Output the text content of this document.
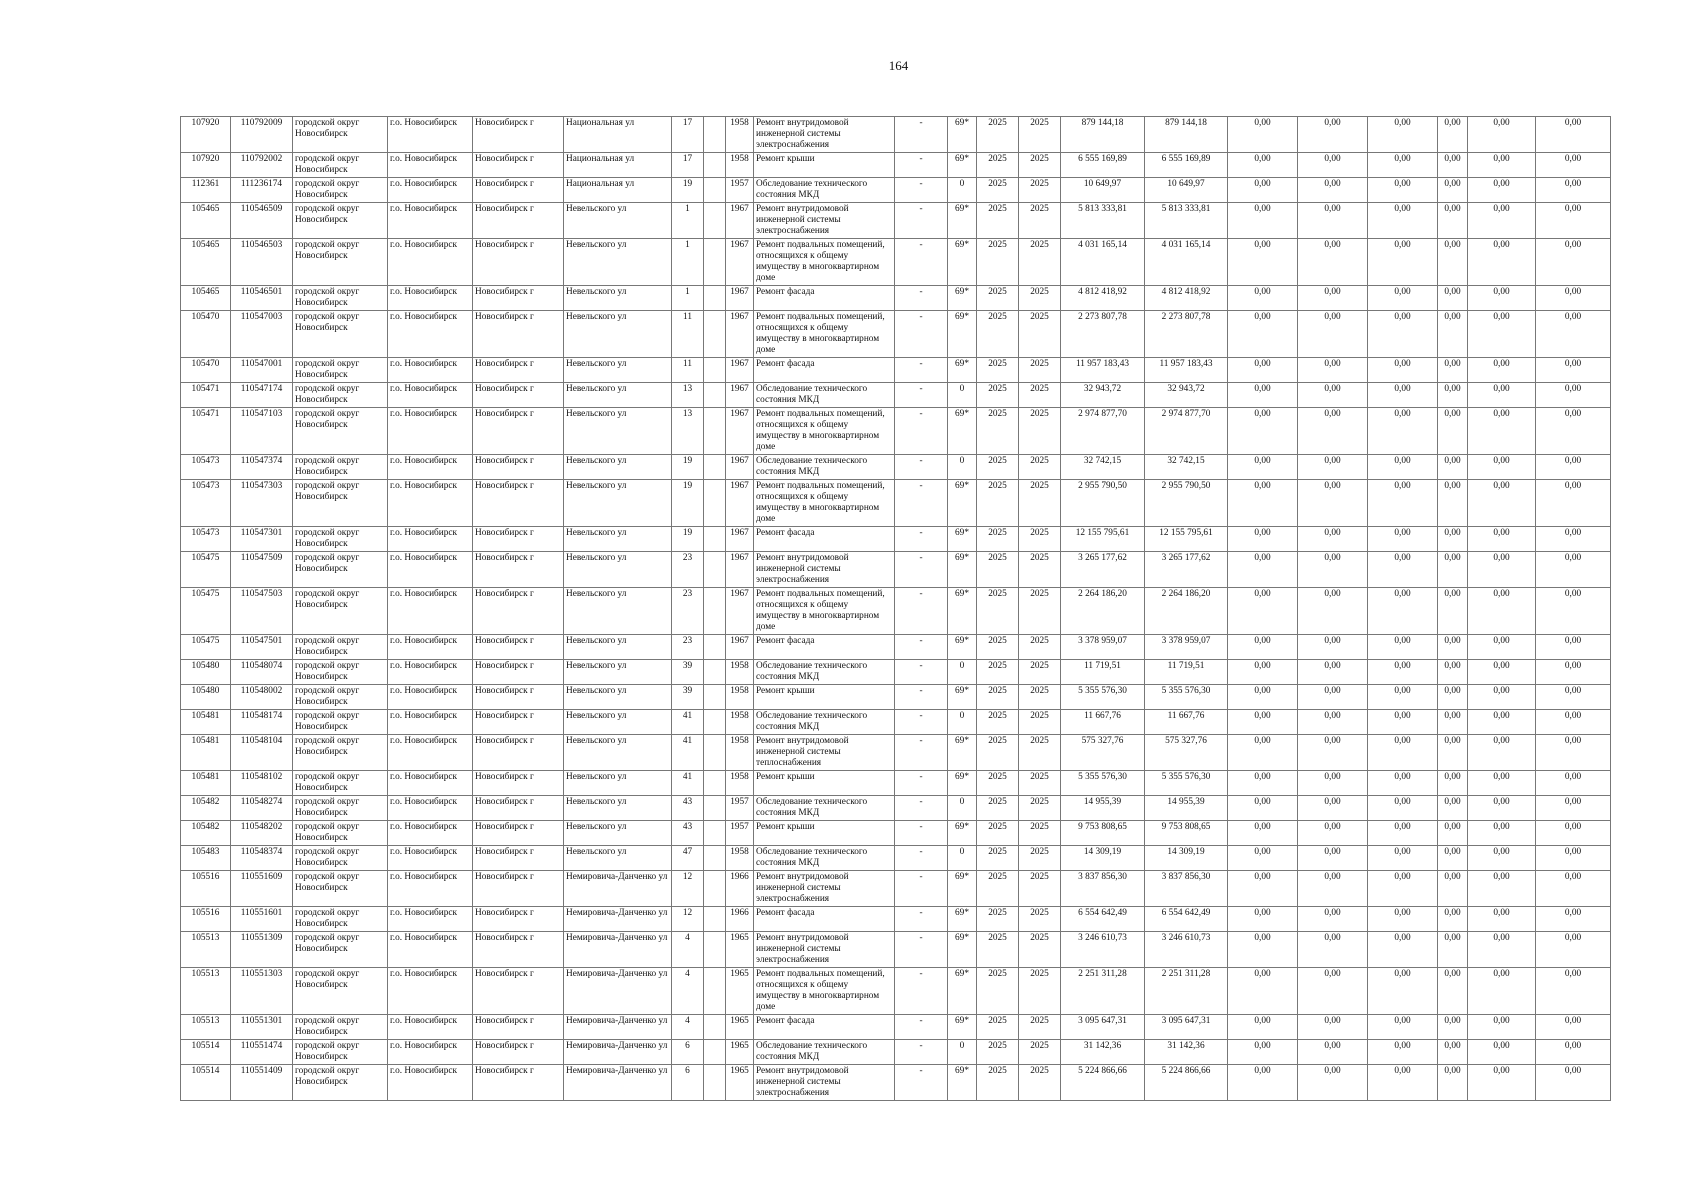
164
107920	110792009	городской округ Новосибирск	г.о. Новосибирск	Новосибирск г	Национальная ул	17		1958	Ремонт внутридомовой инженерной системы электроснабжения	-	69*	2025	2025	879 144,18	879 144,18	0,00	0,00	0,00	0,00	0,00	0,00
107920	110792002	городской округ Новосибирск	г.о. Новосибирск	Новосибирск г	Национальная ул	17		1958	Ремонт крыши	-	69*	2025	2025	6 555 169,89	6 555 169,89	0,00	0,00	0,00	0,00	0,00	0,00
112361	111236174	городской округ Новосибирск	г.о. Новосибирск	Новосибирск г	Национальная ул	19		1957	Обследование технического состояния МКД	-	0	2025	2025	10 649,97	10 649,97	0,00	0,00	0,00	0,00	0,00	0,00
105465	110546509	городской округ Новосибирск	г.о. Новосибирск	Новосибирск г	Невельского ул	1		1967	Ремонт внутридомовой инженерной системы электроснабжения	-	69*	2025	2025	5 813 333,81	5 813 333,81	0,00	0,00	0,00	0,00	0,00	0,00
105465	110546503	городской округ Новосибирск	г.о. Новосибирск	Новосибирск г	Невельского ул	1		1967	Ремонт подвальных помещений, относящихся к общему имуществу в многоквартирном доме	-	69*	2025	2025	4 031 165,14	4 031 165,14	0,00	0,00	0,00	0,00	0,00	0,00
105465	110546501	городской округ Новосибирск	г.о. Новосибирск	Новосибирск г	Невельского ул	1		1967	Ремонт фасада	-	69*	2025	2025	4 812 418,92	4 812 418,92	0,00	0,00	0,00	0,00	0,00	0,00
105470	110547003	городской округ Новосибирск	г.о. Новосибирск	Новосибирск г	Невельского ул	11		1967	Ремонт подвальных помещений, относящихся к общему имуществу в многоквартирном доме	-	69*	2025	2025	2 273 807,78	2 273 807,78	0,00	0,00	0,00	0,00	0,00	0,00
105470	110547001	городской округ Новосибирск	г.о. Новосибирск	Новосибирск г	Невельского ул	11		1967	Ремонт фасада	-	69*	2025	2025	11 957 183,43	11 957 183,43	0,00	0,00	0,00	0,00	0,00	0,00
105471	110547174	городской округ Новосибирск	г.о. Новосибирск	Новосибирск г	Невельского ул	13		1967	Обследование технического состояния МКД	-	0	2025	2025	32 943,72	32 943,72	0,00	0,00	0,00	0,00	0,00	0,00
105471	110547103	городской округ Новосибирск	г.о. Новосибирск	Новосибирск г	Невельского ул	13		1967	Ремонт подвальных помещений, относящихся к общему имуществу в многоквартирном доме	-	69*	2025	2025	2 974 877,70	2 974 877,70	0,00	0,00	0,00	0,00	0,00	0,00
105473	110547374	городской округ Новосибирск	г.о. Новосибирск	Новосибирск г	Невельского ул	19		1967	Обследование технического состояния МКД	-	0	2025	2025	32 742,15	32 742,15	0,00	0,00	0,00	0,00	0,00	0,00
105473	110547303	городской округ Новосибирск	г.о. Новосибирск	Новосибирск г	Невельского ул	19		1967	Ремонт подвальных помещений, относящихся к общему имуществу в многоквартирном доме	-	69*	2025	2025	2 955 790,50	2 955 790,50	0,00	0,00	0,00	0,00	0,00	0,00
105473	110547301	городской округ Новосибирск	г.о. Новосибирск	Новосибирск г	Невельского ул	19		1967	Ремонт фасада	-	69*	2025	2025	12 155 795,61	12 155 795,61	0,00	0,00	0,00	0,00	0,00	0,00
105475	110547509	городской округ Новосибирск	г.о. Новосибирск	Новосибирск г	Невельского ул	23		1967	Ремонт внутридомовой инженерной системы электроснабжения	-	69*	2025	2025	3 265 177,62	3 265 177,62	0,00	0,00	0,00	0,00	0,00	0,00
105475	110547503	городской округ Новосибирск	г.о. Новосибирск	Новосибирск г	Невельского ул	23		1967	Ремонт подвальных помещений, относящихся к общему имуществу в многоквартирном доме	-	69*	2025	2025	2 264 186,20	2 264 186,20	0,00	0,00	0,00	0,00	0,00	0,00
105475	110547501	городской округ Новосибирск	г.о. Новосибирск	Новосибирск г	Невельского ул	23		1967	Ремонт фасада	-	69*	2025	2025	3 378 959,07	3 378 959,07	0,00	0,00	0,00	0,00	0,00	0,00
105480	110548074	городской округ Новосибирск	г.о. Новосибирск	Новосибирск г	Невельского ул	39		1958	Обследование технического состояния МКД	-	0	2025	2025	11 719,51	11 719,51	0,00	0,00	0,00	0,00	0,00	0,00
105480	110548002	городской округ Новосибирск	г.о. Новосибирск	Новосибирск г	Невельского ул	39		1958	Ремонт крыши	-	69*	2025	2025	5 355 576,30	5 355 576,30	0,00	0,00	0,00	0,00	0,00	0,00
105481	110548174	городской округ Новосибирск	г.о. Новосибирск	Новосибирск г	Невельского ул	41		1958	Обследование технического состояния МКД	-	0	2025	2025	11 667,76	11 667,76	0,00	0,00	0,00	0,00	0,00	0,00
105481	110548104	городской округ Новосибирск	г.о. Новосибирск	Новосибирск г	Невельского ул	41		1958	Ремонт внутридомовой инженерной системы теплоснабжения	-	69*	2025	2025	575 327,76	575 327,76	0,00	0,00	0,00	0,00	0,00	0,00
105481	110548102	городской округ Новосибирск	г.о. Новосибирск	Новосибирск г	Невельского ул	41		1958	Ремонт крыши	-	69*	2025	2025	5 355 576,30	5 355 576,30	0,00	0,00	0,00	0,00	0,00	0,00
105482	110548274	городской округ Новосибирск	г.о. Новосибирск	Новосибирск г	Невельского ул	43		1957	Обследование технического состояния МКД	-	0	2025	2025	14 955,39	14 955,39	0,00	0,00	0,00	0,00	0,00	0,00
105482	110548202	городской округ Новосибирск	г.о. Новосибирск	Новосибирск г	Невельского ул	43		1957	Ремонт крыши	-	69*	2025	2025	9 753 808,65	9 753 808,65	0,00	0,00	0,00	0,00	0,00	0,00
105483	110548374	городской округ Новосибирск	г.о. Новосибирск	Новосибирск г	Невельского ул	47		1958	Обследование технического состояния МКД	-	0	2025	2025	14 309,19	14 309,19	0,00	0,00	0,00	0,00	0,00	0,00
105516	110551609	городской округ Новосибирск	г.о. Новосибирск	Новосибирск г	Немировича-Данченко ул	12		1966	Ремонт внутридомовой инженерной системы электроснабжения	-	69*	2025	2025	3 837 856,30	3 837 856,30	0,00	0,00	0,00	0,00	0,00	0,00
105516	110551601	городской округ Новосибирск	г.о. Новосибирск	Новосибирск г	Немировича-Данченко ул	12		1966	Ремонт фасада	-	69*	2025	2025	6 554 642,49	6 554 642,49	0,00	0,00	0,00	0,00	0,00	0,00
105513	110551309	городской округ Новосибирск	г.о. Новосибирск	Новосибирск г	Немировича-Данченко ул	4		1965	Ремонт внутридомовой инженерной системы электроснабжения	-	69*	2025	2025	3 246 610,73	3 246 610,73	0,00	0,00	0,00	0,00	0,00	0,00
105513	110551303	городской округ Новосибирск	г.о. Новосибирск	Новосибирск г	Немировича-Данченко ул	4		1965	Ремонт подвальных помещений, относящихся к общему имуществу в многоквартирном доме	-	69*	2025	2025	2 251 311,28	2 251 311,28	0,00	0,00	0,00	0,00	0,00	0,00
105513	110551301	городской округ Новосибирск	г.о. Новосибирск	Новосибирск г	Немировича-Данченко ул	4		1965	Ремонт фасада	-	69*	2025	2025	3 095 647,31	3 095 647,31	0,00	0,00	0,00	0,00	0,00	0,00
105514	110551474	городской округ Новосибирск	г.о. Новосибирск	Новосибирск г	Немировича-Данченко ул	6		1965	Обследование технического состояния МКД	-	0	2025	2025	31 142,36	31 142,36	0,00	0,00	0,00	0,00	0,00	0,00
105514	110551409	городской округ Новосибирск	г.о. Новосибирск	Новосибирск г	Немировича-Данченко ул	6		1965	Ремонт внутридомовой инженерной системы электроснабжения	-	69*	2025	2025	5 224 866,66	5 224 866,66	0,00	0,00	0,00	0,00	0,00	0,00
